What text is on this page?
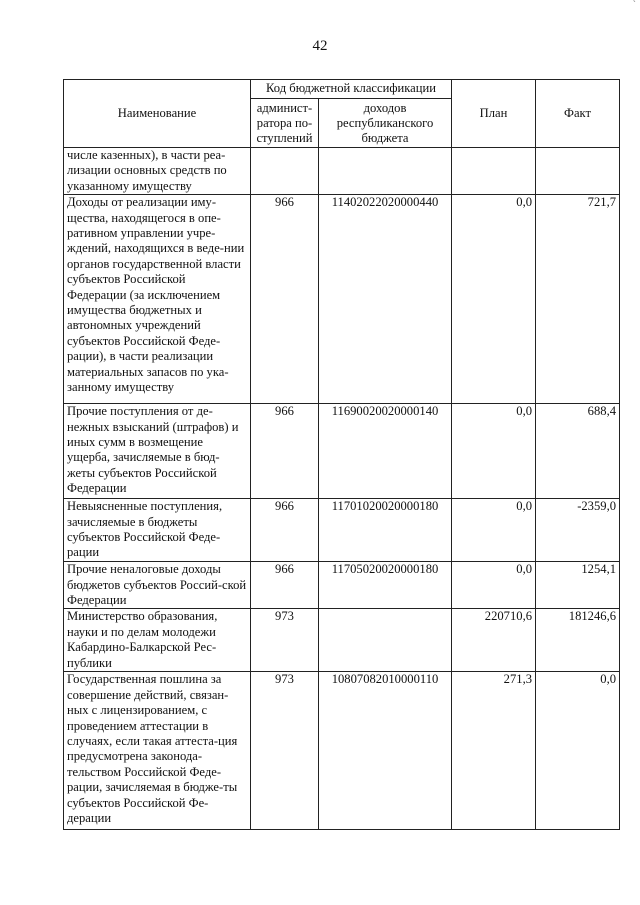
`
42
Наименование	Код бюджетной классификации		План	Факт
	админист-ратора по-ступлений	доходов республиканского бюджета		
числе казенных), в части реа-лизации основных средств по указанному имуществу				
Доходы от реализации иму-щества, находящегося в опе-ративном управлении учре-ждений, находящихся в веде-нии органов государственной власти субъектов Российской Федерации (за исключением имущества бюджетных и автономных учреждений субъектов Российской Феде-рации), в части реализации материальных запасов по ука-занному имуществу	966	11402022020000440	0,0	721,7
Прочие поступления от де-нежных взысканий (штрафов) и иных сумм в возмещение ущерба, зачисляемые в бюд-жеты субъектов Российской Федерации	966	11690020020000140	0,0	688,4
Невыясненные поступления, зачисляемые в бюджеты субъектов Российской Феде-рации	966	11701020020000180	0,0	-2359,0
Прочие неналоговые доходы бюджетов субъектов Россий-ской Федерации	966	11705020020000180	0,0	1254,1
Министерство образования, науки и по делам молодежи Кабардино-Балкарской Рес-публики	973		220710,6	181246,6
Государственная пошлина за совершение действий, связан-ных с лицензированием, с проведением аттестации в случаях, если такая аттеста-ция предусмотрена законода-тельством Российской Феде-рации, зачисляемая в бюдже-ты субъектов Российской Фе-дерации	973	10807082010000110	271,3	0,0
